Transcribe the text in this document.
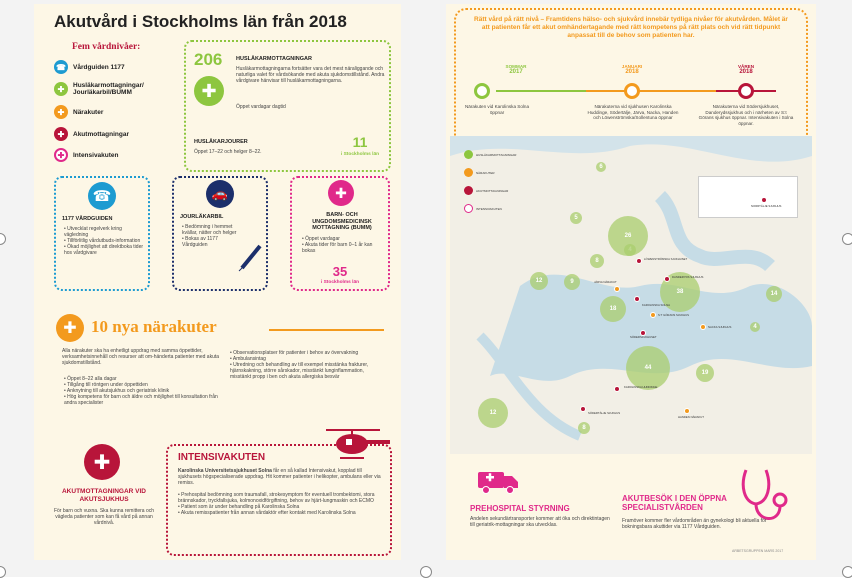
Akutvård i Stockholms län från 2018
Fem vårdnivåer:
☎	Vårdguiden 1177
✚	Husläkarmottagningar/ Jourläkarbil/BUMM
✚	Närakuter
✚	Akutmottagningar
✚	Intensivakuten
206
✚
HUSLÄKARMOTTAGNINGAR
Husläkarmottagningarna fortsätter vara det mest näraliggande och naturliga valet för vårdsökande med akuta sjukdomstillstånd. Andra vårdgivare hänvisar till husläkarmottagningarna.
Öppet vardagar dagtid
HUSLÄKARJOURER
Öppet 17–22 och helger 8–22.
11
i Stockholms län
☎
1177 VÅRDGUIDEN
• Utvecklat regelverk kring vägledning
• Tillförlitlig vårdutbuds-information
• Ökad möjlighet att direktboka tider hos vårdgivare
🚗
JOURLÄKARBIL
• Bedömning i hemmet kvällar, nätter och helger
• Bokas av 1177 Vårdguiden
✚
BARN- OCH UNGDOMSMEDICINSK MOTTAGNING (BUMM)
• Öppet vardagar
• Akuta tider för barn 0–1 år kan bokas
35
i Stockholms län
✚ 10 nya närakuter
Alla närakuter ska ha enhetligt uppdrag med samma öppettider, verksamhetsinnehåll och resurser att om-händerta patienter med akuta sjukdomstillstånd.
• Öppet 8–22 alla dagar
• Tillgång till röntgen under öppettiden
• Anknytning till akutsjukhus och geriatrisk klinik
• Hög kompetens för barn och äldre och möjlighet till konsultation från andra specialister
• Observationsplatser för patienter i behov av övervakning
• Ambulansintag
• Utredning och behandling av till exempel misstänka frakturer, hjärnskakning, större sårskador, misstänkt lunginflammation, misstänkt propp i ben och akuta allergiska besvär
✚
AKUTMOTTAGNINGAR VID AKUTSJUKHUS
För barn och vuxna. Ska kunna remittera och vägleda patienter som kan få vård på annan vårdnivå.
INTENSIVAKUTEN
Karolinska Universitetssjukhuset Solna får en så kallad Intensivakut, kopplad till sjukhusets högspecialiserade uppdrag. Hit kommer patienter i helikopter, ambulans eller via remiss.
• Prehospital bedömning som traumafall, strokesymptom för eventuell trombektomi, stora brännskador, tryckfallsjuka, kolmonoxidförgiftning, behov av hjärt-lungmaskin och ECMO
• Patient som är under behandling på Karolinska Solna
• Akuta remisspatienter från annan vårdaktör efter kontakt med Karolinska Solna
Rätt vård på rätt nivå – Framtidens hälso- och sjukvård innebär tydliga nivåer för akutvården. Målet är att patienten får ett akut omhändertagande med rätt kompetens på rätt plats och vid rätt tidpunkt anpassat till de behov som patienten har.
SOMMAR
2017
JANUARI
2018
VÅREN
2018
Närakuten vid Karolinska Solna öppnar
Närakuterna vid sjukhusen Karolinska Huddinge, Södertälje, Järva, Nacka, Handen och Löwenströmska/Sollentuna öppnar
Närakuterna vid Södersjukhuset, Danderydssjukhus och i närheten av S:t Görans sjukhus öppnar. Intensivakuten i Solna öppnar.
HUSLÄKARMOTTAGNINGAR
NÄRAKUTER
AKUTMOTTAGNINGAR
INTENSIVAKUTEN
NORRTÄLJE SJUKHUS
6
5
12
8
26
9
38
18
14
4
44
19
12
8
LÖWENSTRÖMSKA SJUKHUSET
DANDERYDS SJUKHUS
JÄRVA NÄRAKUT
KAROLINSKA SOLNA
S:T GÖRANS SJUKHUS
SÖDERSJUKHUSET
NACKA SJUKHUS
KAROLINSKA HUDDINGE
SÖDERTÄLJE SJUKHUS
HANDEN NÄRAKUT
PREHOSPITAL STYRNING
Andelen sekundärtransporter kommer att öka och direktintagen till geriatrik-mottagningar ska utvecklas.
AKUTBESÖK I DEN ÖPPNA SPECIALISTVÅRDEN
Framöver kommer fler vårdområden än gynekologi bli aktuella för bokningsbara akuttider via 1177 Vårdguiden.
ARBETSGRUPPEN MARS 2017
